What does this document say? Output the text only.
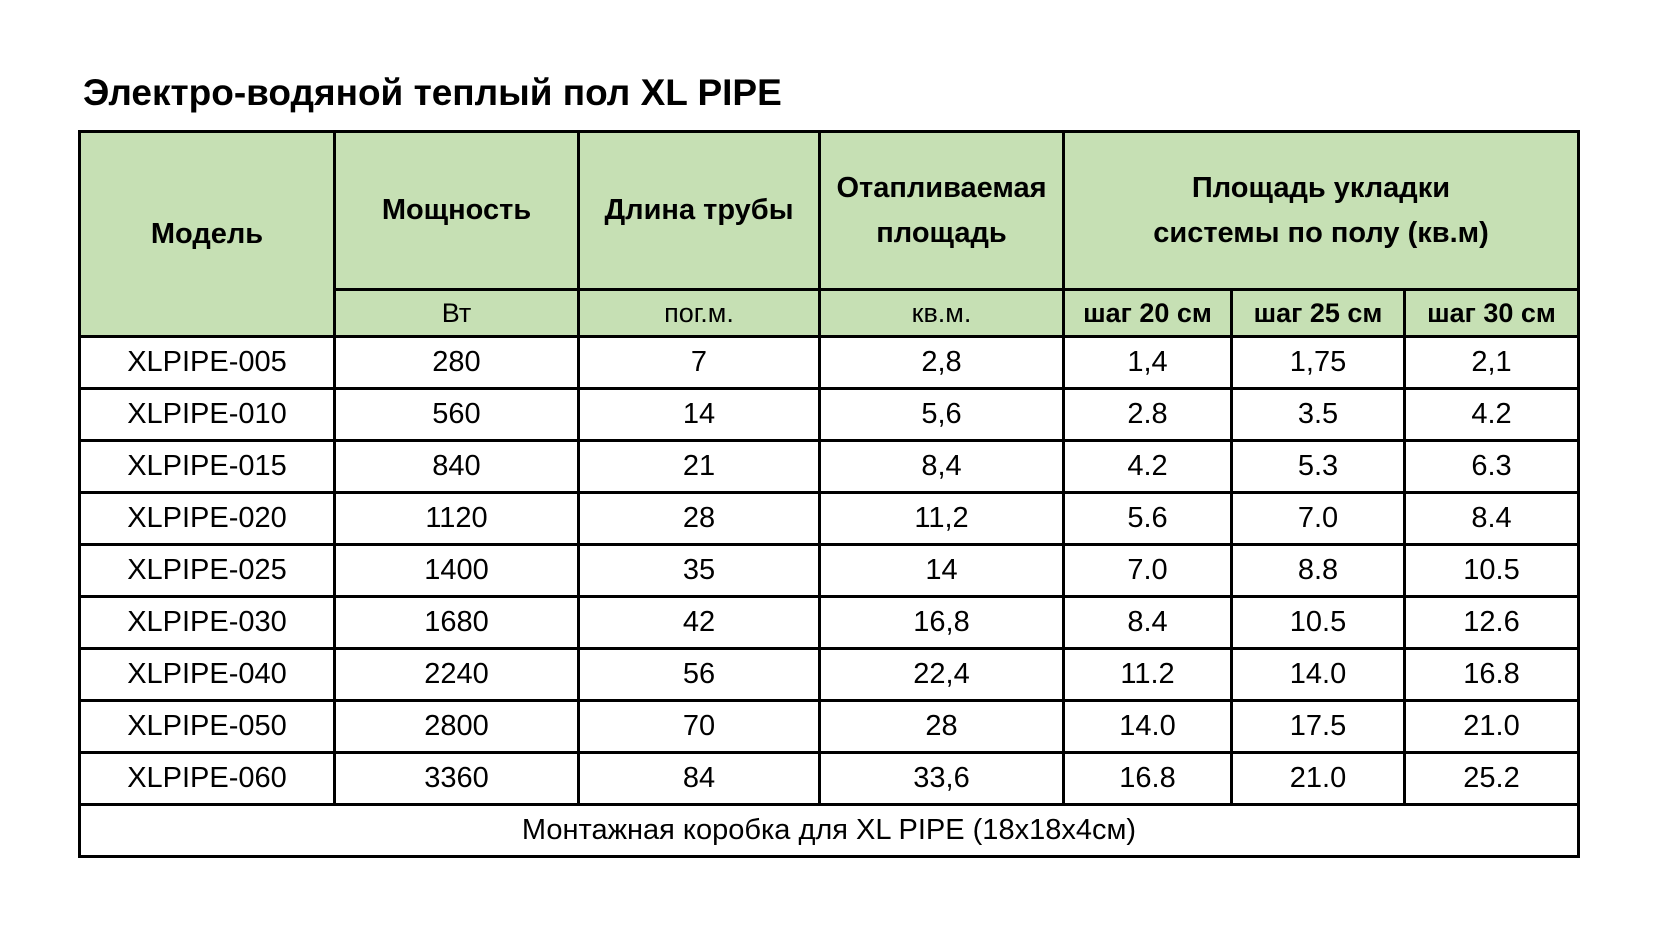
Электро-водяной теплый пол XL PIPE
Модель	Мощность	Длина трубы	Отапливаемая площадь	Площадь укладки системы по полу (кв.м)		

	Вт	пог.м.	кв.м.	шаг 20 см	шаг 25 см	шаг 30 см
XLPIPE-005	280	7	2,8	1,4	1,75	2,1
XLPIPE-010	560	14	5,6	2.8	3.5	4.2
XLPIPE-015	840	21	8,4	4.2	5.3	6.3
XLPIPE-020	1120	28	11,2	5.6	7.0	8.4
XLPIPE-025	1400	35	14	7.0	8.8	10.5
XLPIPE-030	1680	42	16,8	8.4	10.5	12.6
XLPIPE-040	2240	56	22,4	11.2	14.0	16.8
XLPIPE-050	2800	70	28	14.0	17.5	21.0
XLPIPE-060	3360	84	33,6	16.8	21.0	25.2
Монтажная коробка для XL PIPE (18х18х4см)						
